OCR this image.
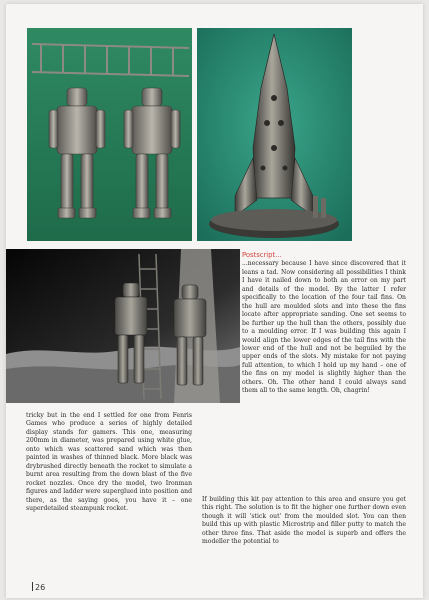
Postscript...

...necessary because I have since discovered that it leans a tad. Now considering all possibilities I think I have it nailed down to both an error on my part and details of the model. By the latter I refer specifically to the location of the four tail fins. On the hull are moulded slots and into these the fins locate after appropriate sanding. One set seems to be further up the hull than the others, possibly due to a moulding error. If I was building this again I would align the lower edges of the tail fins with the lower end of the hull and not be beguiled by the upper ends of the slots. My mistake for not paying full attention, to which I hold up my hand – one of the fins on my model is slightly higher than the others. Oh. The other hand I could always sand them all to the same length. Oh, chagrin!

tricky but in the end I settled for one from Fenris Games who produce a series of highly detailed display stands for gamers. This one, measuring 200mm in diameter, was prepared using white glue, onto which was scattered sand which was then painted in washes of thinned black. More black was drybrushed directly beneath the rocket to simulate a burnt area resulting from the down blast of the five rocket nozzles. Once dry the model, two Ironman figures and ladder were superglued into position and there, as the saying goes, you have it – one superdetailed steampunk rocket.

If building this kit pay attention to this area and ensure you get this right. The solution is to fit the higher one further down even though it will 'stick out' from the moulded slot. You can then build this up with plastic Microstrip and filler putty to match the other three fins. That aside the model is superb and offers the modeller the potential to

26
